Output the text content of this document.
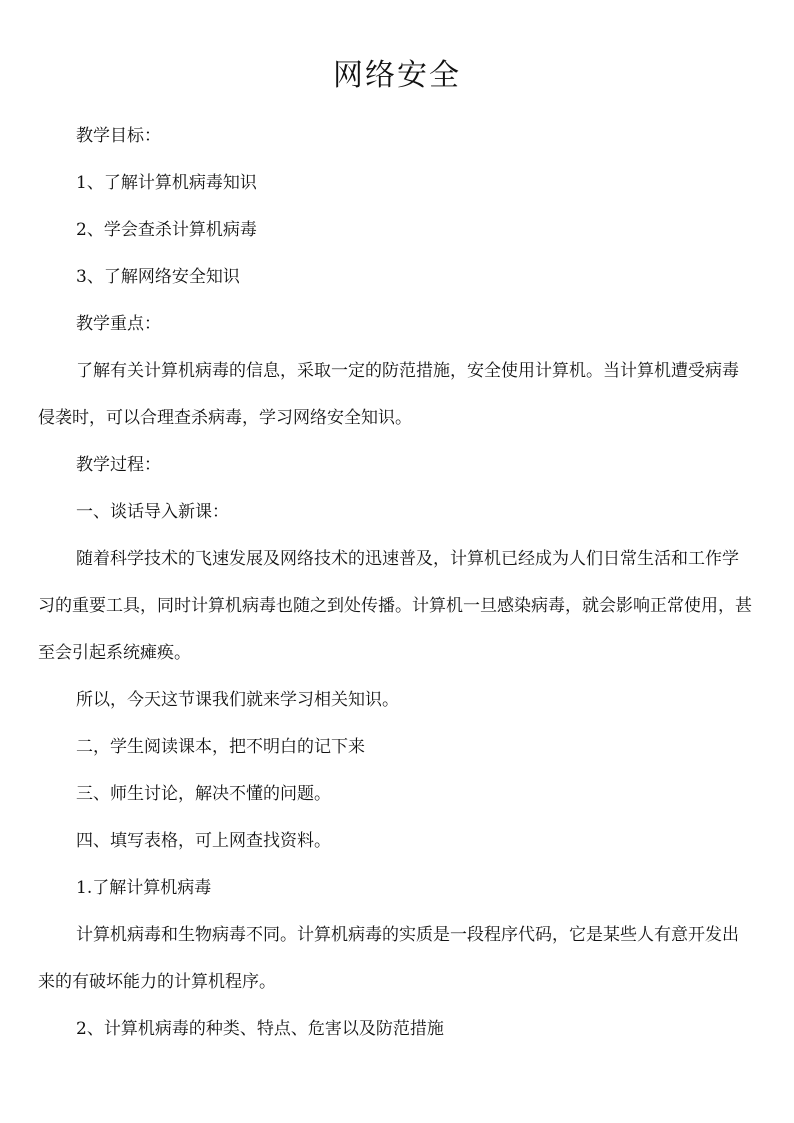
网络安全

教学目标：

1、了解计算机病毒知识

2、学会查杀计算机病毒

3、了解网络安全知识

教学重点：

了解有关计算机病毒的信息，采取一定的防范措施，安全使用计算机。当计算机遭受病毒侵袭时，可以合理查杀病毒，学习网络安全知识。

教学过程：

一、谈话导入新课：

随着科学技术的飞速发展及网络技术的迅速普及，计算机已经成为人们日常生活和工作学习的重要工具，同时计算机病毒也随之到处传播。计算机一旦感染病毒，就会影响正常使用，甚至会引起系统瘫痪。

所以，今天这节课我们就来学习相关知识。

二，学生阅读课本，把不明白的记下来

三、师生讨论，解决不懂的问题。

四、填写表格，可上网查找资料。

1.了解计算机病毒

计算机病毒和生物病毒不同。计算机病毒的实质是一段程序代码，它是某些人有意开发出来的有破坏能力的计算机程序。

2、计算机病毒的种类、特点、危害以及防范措施
